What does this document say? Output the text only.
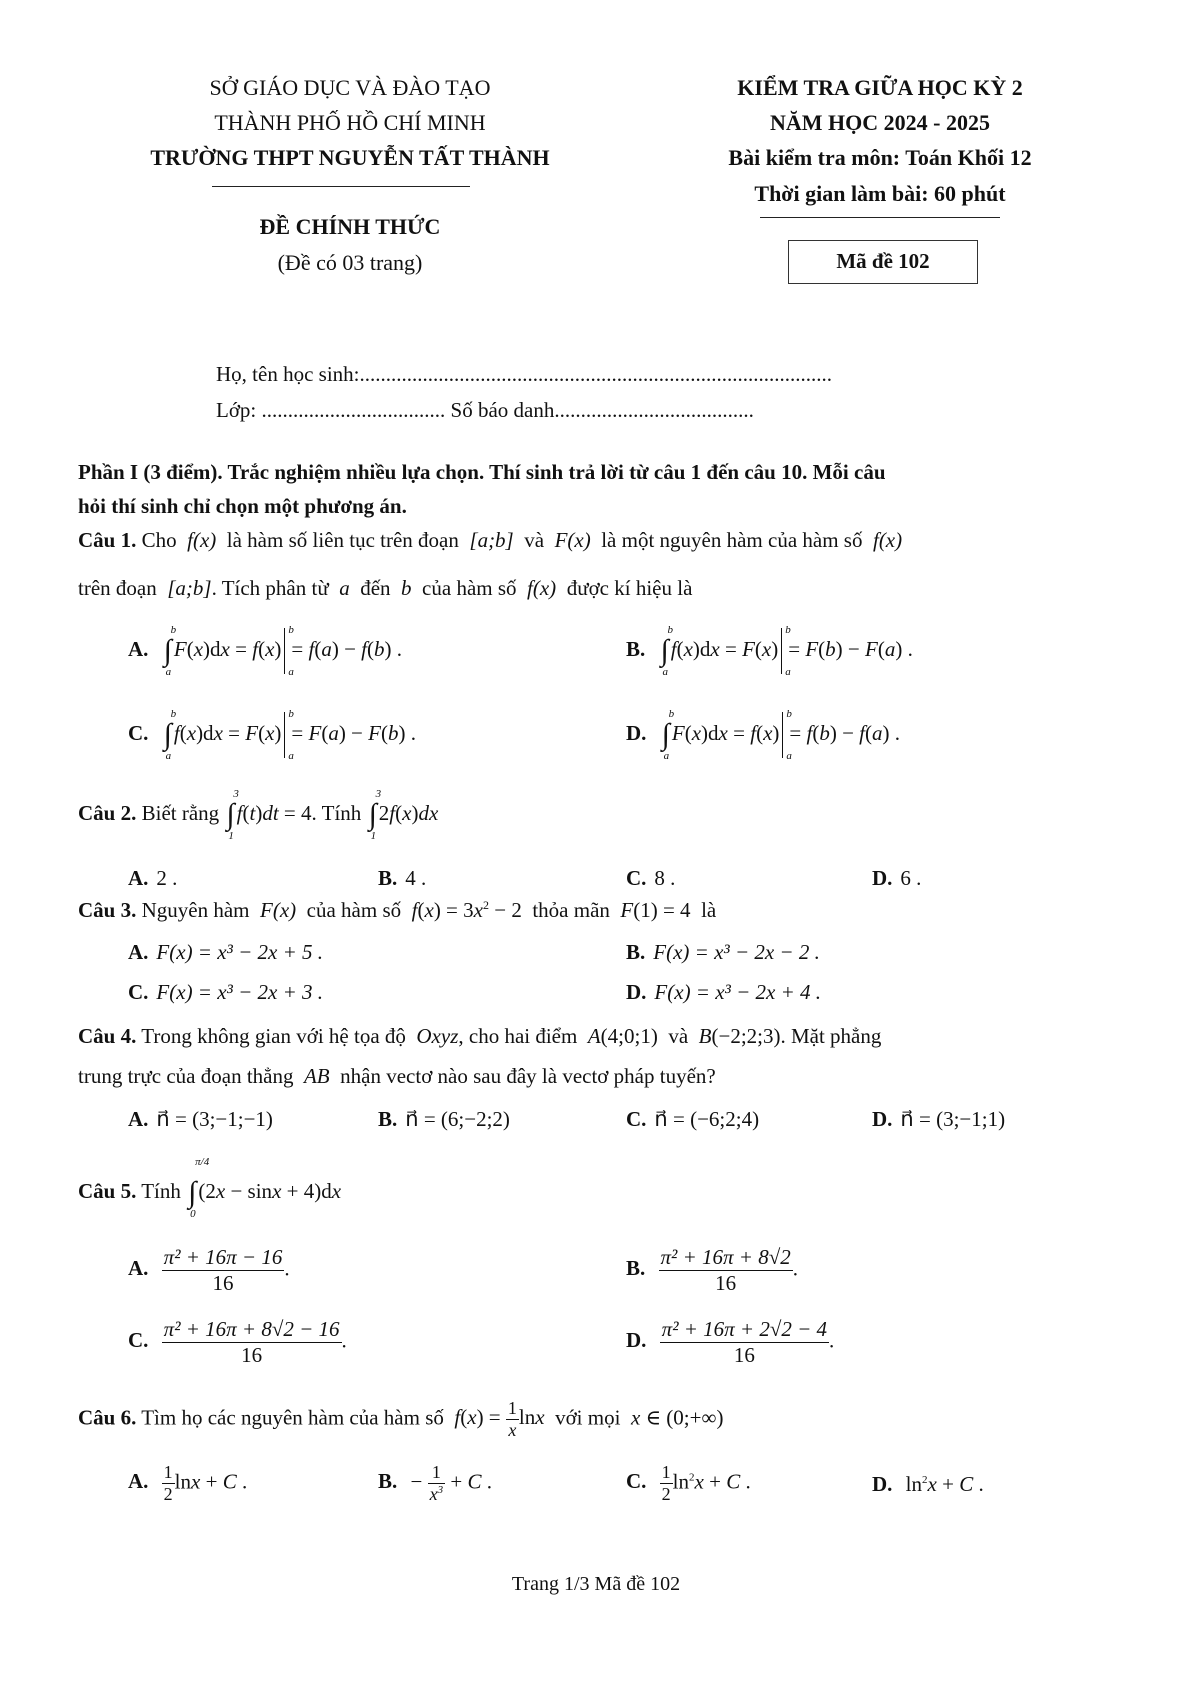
SỞ GIÁO DỤC VÀ ĐÀO TẠO
THÀNH PHỐ HỒ CHÍ MINH
TRƯỜNG THPT NGUYỄN TẤT THÀNH
ĐỀ CHÍNH THỨC
(Đề có 03 trang)
KIỂM TRA GIỮA HỌC KỲ 2
NĂM HỌC 2024 - 2025
Bài kiểm tra môn: Toán Khối 12
Thời gian làm bài: 60 phút
Mã đề 102
Họ, tên học sinh:..........................................................................................
Lớp: ................................... Số báo danh......................................
Phần I (3 điểm). Trắc nghiệm nhiều lựa chọn. Thí sinh trả lời từ câu 1 đến câu 10. Mỗi câu
hỏi thí sinh chỉ chọn một phương án.
Câu 1. Cho  f(x)  là hàm số liên tục trên đoạn  [a;b]  và  F(x)  là một nguyên hàm của hàm số  f(x)
trên đoạn  [a;b]. Tích phân từ  a  đến  b  của hàm số  f(x)  được kí hiệu là
A. ∫
b
a
F(x)dx = f(x)
b
a
= f(a) − f(b) .	B. ∫
b
a
f(x)dx = F(x)
b
a
= F(b) − F(a) .
C. ∫
b
a
f(x)dx = F(x)
b
a
= F(a) − F(b) .	D. ∫
b
a
F(x)dx = f(x)
b
a
= f(b) − f(a) .
Câu 2. Biết rằng ∫
3
1
f(t)dt = 4. Tính ∫
3
1
2f(x)dx
A. 2 .	B. 4 .	C. 8 .	D. 6 .
Câu 3. Nguyên hàm  F(x)  của hàm số $f(x) = 3x^2 - 2$  thỏa mãn F(1) = 4  là
A. F(x) = x³ − 2x + 5 .	B. F(x) = x³ − 2x − 2 .
C. F(x) = x³ − 2x + 3 .	D. F(x) = x³ − 2x + 4 .
Câu 4. Trong không gian với hệ tọa độ  Oxyz, cho hai điểm A(4;0;1)  và B(−2;2;3). Mặt phẳng
trung trực của đoạn thẳng  AB  nhận vectơ nào sau đây là vectơ pháp tuyến?
A. n⃗ = (3;−1;−1)	B. n⃗ = (6;−2;2)	C. n⃗ = (−6;2;4)	D. n⃗ = (3;−1;1)
Câu 5. Tính ∫
π/4
0
(2x − sinx + 4)dx
A. $\frac{\text{π² + 16π − 16}}{16}$ .	B. $\frac{\text{π² + 16π + 8√2}}{16}$ .
C. $\frac{\text{π² + 16π + 8√2 − 16}}{16}$ .	D. $\frac{\text{π² + 16π + 2√2 − 4}}{16}$ .
Câu 6. Tìm họ các nguyên hàm của hàm số $f(x) = \frac{1}{x}$ lnx với mọi x ∈ (0;+∞)
A. $\frac{1}{2}$ lnx + C .	B. − $\frac{1}{x^3} + C$ .	C. $\frac{1}{2} \ln^2x + C$ .	D. $\ln^2x + C$ .
Trang 1/3 Mã đề 102
